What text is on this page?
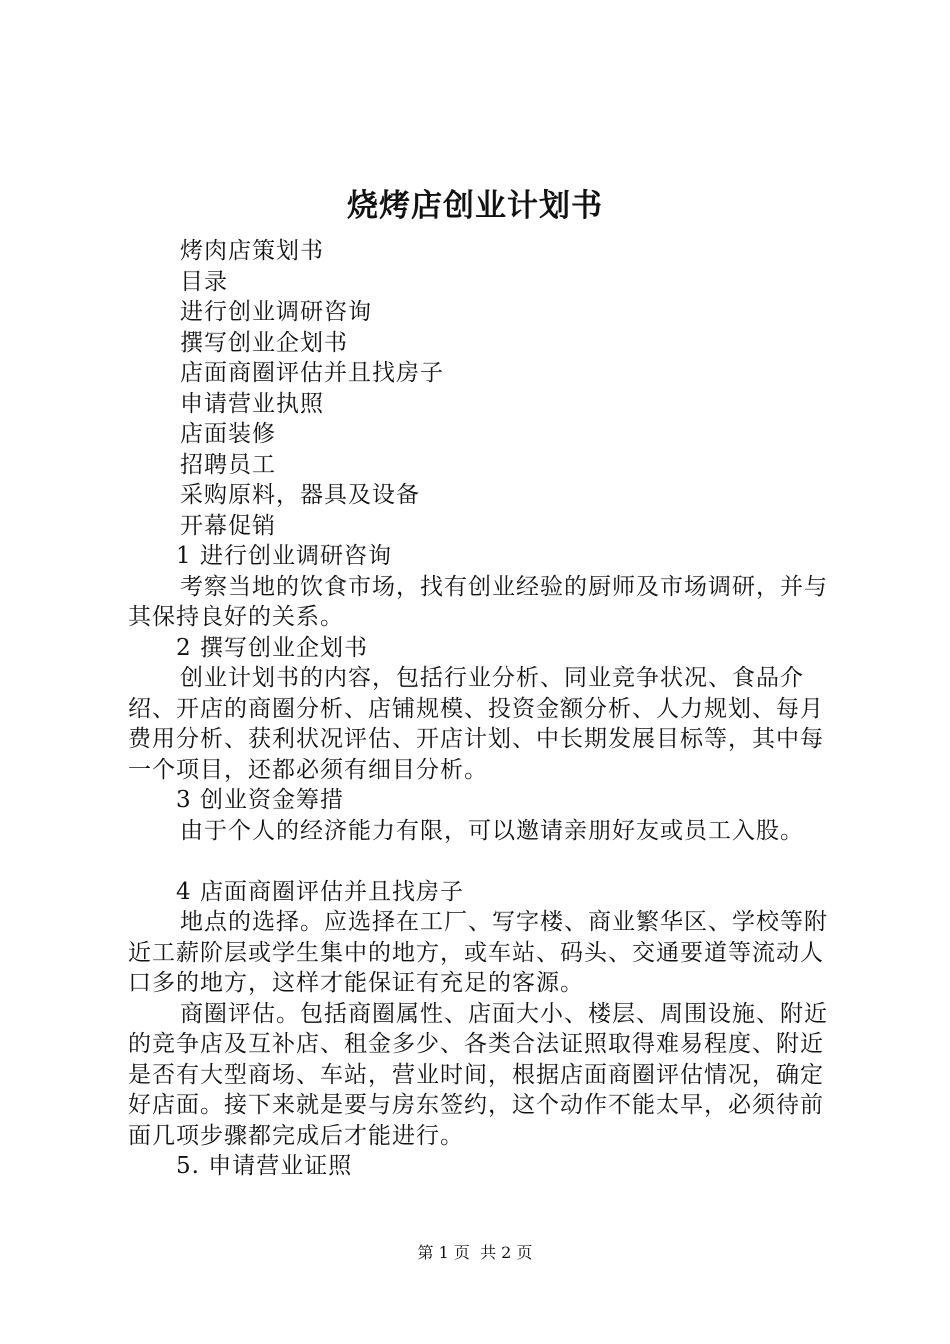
烧烤店创业计划书
烤肉店策划书
目录
进行创业调研咨询
撰写创业企划书
店面商圈评估并且找房子
申请营业执照
店面装修
招聘员工
采购原料，器具及设备
开幕促销
1 进行创业调研咨询

考察当地的饮食市场，找有创业经验的厨师及市场调研，并与其保持良好的关系。

2 撰写创业企划书

创业计划书的内容，包括行业分析、同业竞争状况、食品介绍、开店的商圈分析、店铺规模、投资金额分析、人力规划、每月费用分析、获利状况评估、开店计划、中长期发展目标等，其中每一个项目，还都必须有细目分析。

3 创业资金筹措

由于个人的经济能力有限，可以邀请亲朋好友或员工入股。

4 店面商圈评估并且找房子

地点的选择。应选择在工厂、写字楼、商业繁华区、学校等附近工薪阶层或学生集中的地方，或车站、码头、交通要道等流动人口多的地方，这样才能保证有充足的客源。

商圈评估。包括商圈属性、店面大小、楼层、周围设施、附近的竞争店及互补店、租金多少、各类合法证照取得难易程度、附近是否有大型商场、车站，营业时间，根据店面商圈评估情况，确定好店面。接下来就是要与房东签约，这个动作不能太早，必须待前面几项步骤都完成后才能进行。

5. 申请营业证照
第 1 页 共 2 页
